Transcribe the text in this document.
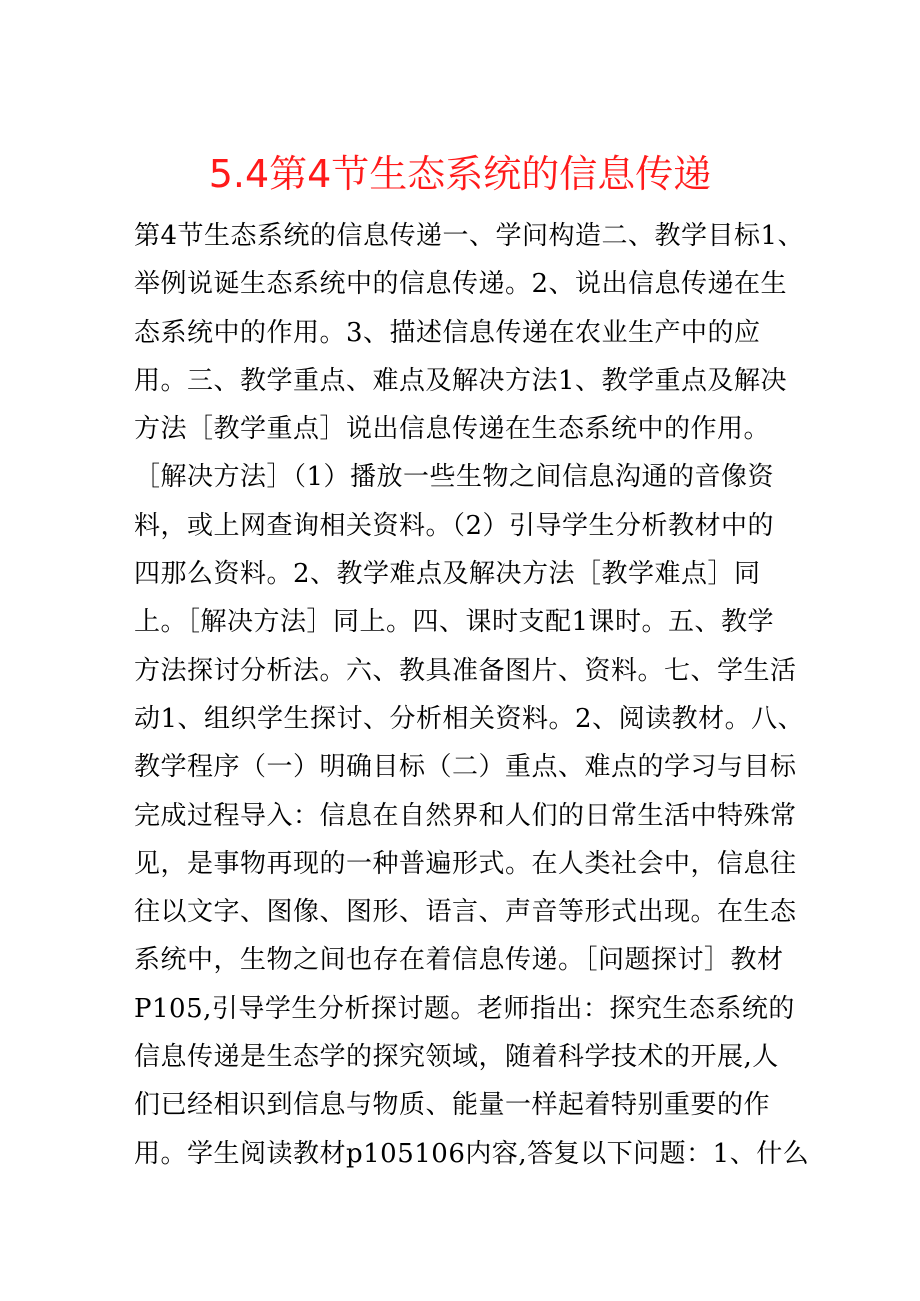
5.4第4节生态系统的信息传递
第4节生态系统的信息传递一、学问构造二、教学目标1、
举例说诞生态系统中的信息传递。2、说出信息传递在生
态系统中的作用。3、描述信息传递在农业生产中的应
用。三、教学重点、难点及解决方法1、教学重点及解决
方法［教学重点］说出信息传递在生态系统中的作用。
［解决方法］（1）播放一些生物之间信息沟通的音像资
料，或上网查询相关资料。（2）引导学生分析教材中的
四那么资料。2、教学难点及解决方法［教学难点］同
上。［解决方法］同上。四、课时支配1课时。五、教学
方法探讨分析法。六、教具准备图片、资料。七、学生活
动1、组织学生探讨、分析相关资料。2、阅读教材。八、
教学程序（一）明确目标（二）重点、难点的学习与目标
完成过程导入：信息在自然界和人们的日常生活中特殊常
见，是事物再现的一种普遍形式。在人类社会中，信息往
往以文字、图像、图形、语言、声音等形式出现。在生态
系统中，生物之间也存在着信息传递。［问题探讨］教材
P105,引导学生分析探讨题。老师指出：探究生态系统的
信息传递是生态学的探究领域，随着科学技术的开展,人
们已经相识到信息与物质、能量一样起着特别重要的作
用。学生阅读教材p105106内容,答复以下问题：1、什么
